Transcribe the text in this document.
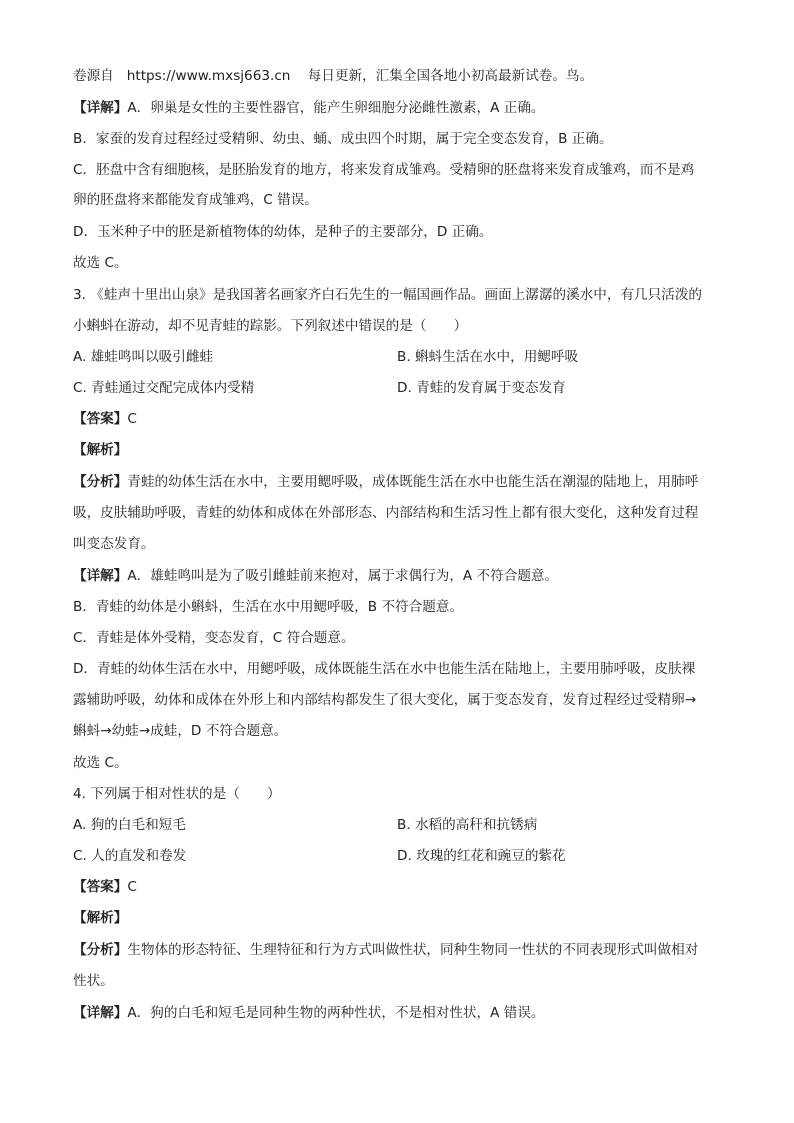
卷源自 https://www.mxsj663.cn 每日更新，汇集全国各地小初高最新试卷。鸟。
【详解】A．卵巢是女性的主要性器官，能产生卵细胞分泌雌性激素，A 正确。
B．家蚕的发育过程经过受精卵、幼虫、蛹、成虫四个时期，属于完全变态发育，B 正确。
C．胚盘中含有细胞核，是胚胎发育的地方，将来发育成雏鸡。受精卵的胚盘将来发育成雏鸡，而不是鸡
卵的胚盘将来都能发育成雏鸡，C 错误。
D．玉米种子中的胚是新植物体的幼体，是种子的主要部分，D 正确。
故选 C。
3. 《蛙声十里出山泉》是我国著名画家齐白石先生的一幅国画作品。画面上潺潺的溪水中，有几只活泼的
小蝌蚪在游动，却不见青蛙的踪影。下列叙述中错误的是（　　）
A. 雄蛙鸣叫以吸引雌蛙	B. 蝌蚪生活在水中，用鳃呼吸
C. 青蛙通过交配完成体内受精	D. 青蛙的发育属于变态发育
【答案】C
【解析】
【分析】青蛙的幼体生活在水中，主要用鳃呼吸，成体既能生活在水中也能生活在潮湿的陆地上，用肺呼
吸，皮肤辅助呼吸，青蛙的幼体和成体在外部形态、内部结构和生活习性上都有很大变化，这种发育过程
叫变态发育。
【详解】A．雄蛙鸣叫是为了吸引雌蛙前来抱对，属于求偶行为，A 不符合题意。
B．青蛙的幼体是小蝌蚪，生活在水中用鳃呼吸，B 不符合题意。
C．青蛙是体外受精，变态发育，C 符合题意。
D．青蛙的幼体生活在水中，用鳃呼吸，成体既能生活在水中也能生活在陆地上，主要用肺呼吸，皮肤裸
露辅助呼吸，幼体和成体在外形上和内部结构都发生了很大变化，属于变态发育，发育过程经过受精卵→
蝌蚪→幼蛙→成蛙，D 不符合题意。
故选 C。
4. 下列属于相对性状的是（　　）
A. 狗的白毛和短毛	B. 水稻的高秆和抗锈病
C. 人的直发和卷发	D. 玫瑰的红花和豌豆的紫花
【答案】C
【解析】
【分析】生物体的形态特征、生理特征和行为方式叫做性状，同种生物同一性状的不同表现形式叫做相对
性状。
【详解】A．狗的白毛和短毛是同种生物的两种性状，不是相对性状，A 错误。
